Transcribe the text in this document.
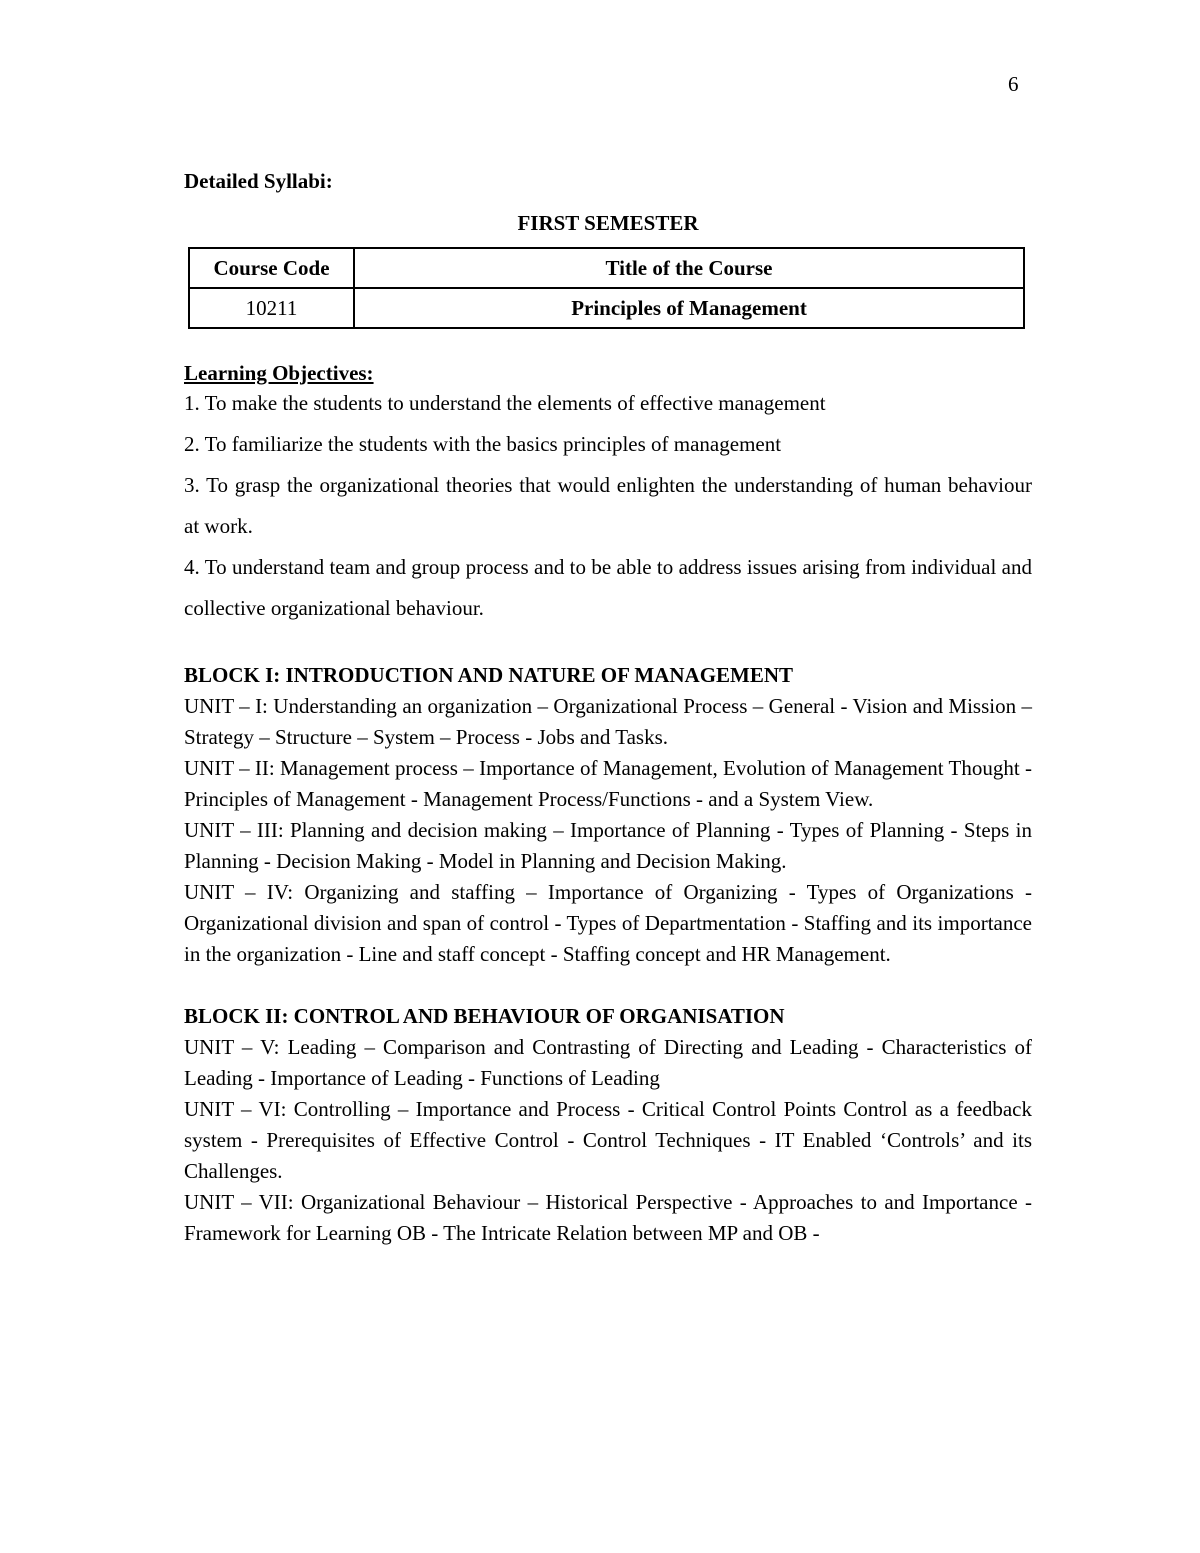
6

Detailed Syllabi:

FIRST SEMESTER
Course Code	Title of the Course
10211	Principles of Management
Learning Objectives:
1. To make the students to understand the elements of effective management
2. To familiarize the students with the basics principles of management
3. To grasp the organizational theories that would enlighten the understanding of human behaviour at work.
4. To understand team and group process and to be able to address issues arising from individual and collective organizational behaviour.
BLOCK I: INTRODUCTION AND NATURE OF MANAGEMENT
UNIT – I: Understanding an organization – Organizational Process – General - Vision and Mission – Strategy – Structure – System – Process - Jobs and Tasks.
UNIT – II: Management process – Importance of Management, Evolution of Management Thought - Principles of Management - Management Process/Functions - and a System View.
UNIT – III: Planning and decision making – Importance of Planning - Types of Planning - Steps in Planning - Decision Making - Model in Planning and Decision Making.
UNIT – IV: Organizing and staffing – Importance of Organizing - Types of Organizations - Organizational division and span of control - Types of Departmentation - Staffing and its importance in the organization - Line and staff concept - Staffing concept and HR Management.
BLOCK II: CONTROL AND BEHAVIOUR OF ORGANISATION
UNIT – V: Leading – Comparison and Contrasting of Directing and Leading - Characteristics of Leading - Importance of Leading - Functions of Leading
UNIT – VI: Controlling – Importance and Process - Critical Control Points Control as a feedback system - Prerequisites of Effective Control - Control Techniques - IT Enabled ‘Controls’ and its Challenges.
UNIT – VII: Organizational Behaviour – Historical Perspective - Approaches to and Importance - Framework for Learning OB - The Intricate Relation between MP and OB -
